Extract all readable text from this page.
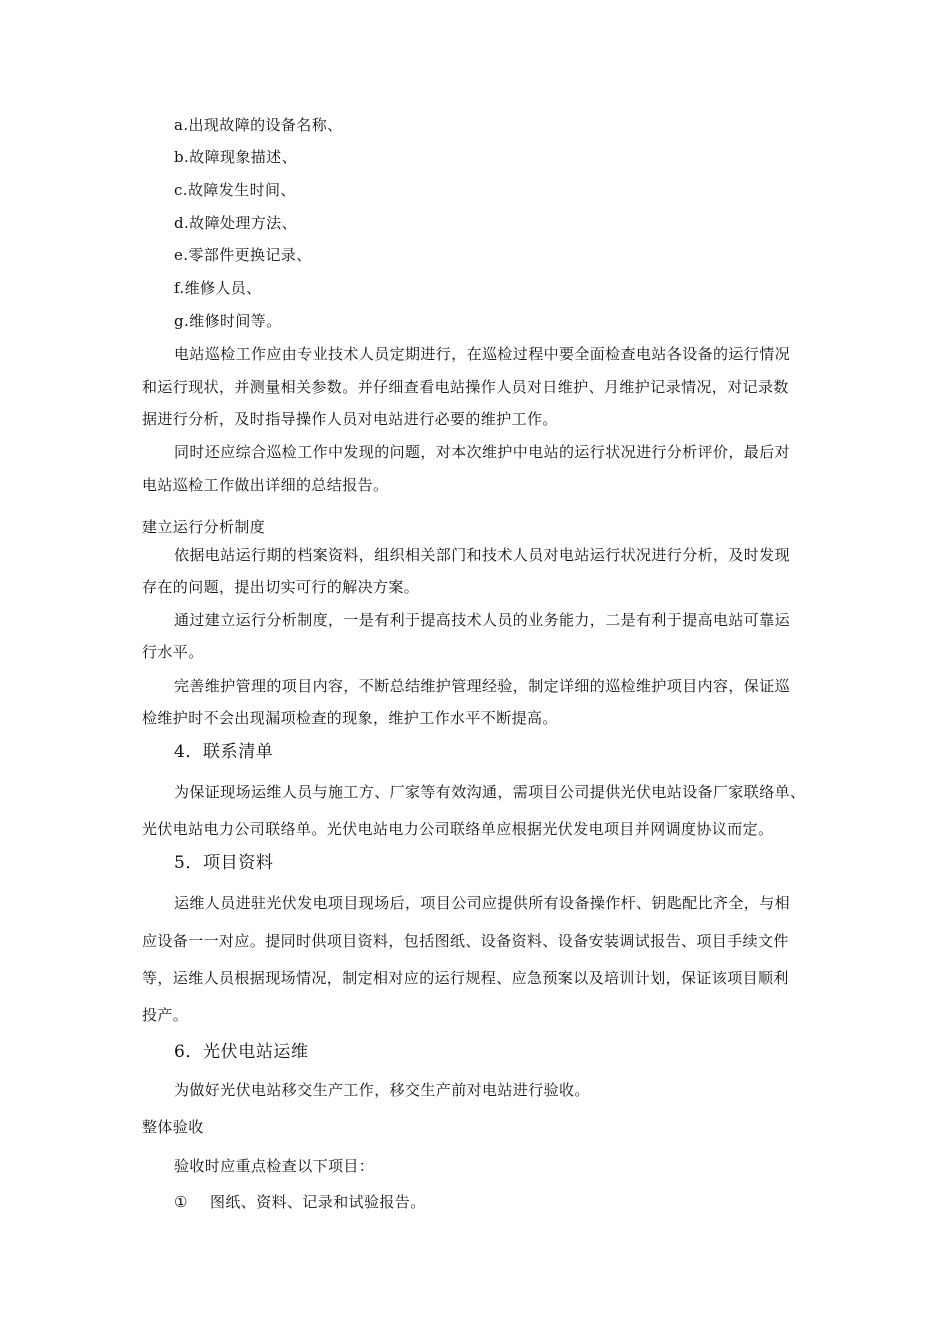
a.出现故障的设备名称、
b.故障现象描述、
c.故障发生时间、
d.故障处理方法、
e.零部件更换记录、
f.维修人员、
g.维修时间等。
电站巡检工作应由专业技术人员定期进行，在巡检过程中要全面检查电站各设备的运行情况
和运行现状，并测量相关参数。并仔细查看电站操作人员对日维护、月维护记录情况，对记录数
据进行分析，及时指导操作人员对电站进行必要的维护工作。
同时还应综合巡检工作中发现的问题，对本次维护中电站的运行状况进行分析评价，最后对
电站巡检工作做出详细的总结报告。
建立运行分析制度
依据电站运行期的档案资料，组织相关部门和技术人员对电站运行状况进行分析，及时发现
存在的问题，提出切实可行的解决方案。
通过建立运行分析制度，一是有利于提高技术人员的业务能力，二是有利于提高电站可靠运
行水平。
完善维护管理的项目内容，不断总结维护管理经验，制定详细的巡检维护项目内容，保证巡
检维护时不会出现漏项检查的现象，维护工作水平不断提高。
4．联系清单
为保证现场运维人员与施工方、厂家等有效沟通，需项目公司提供光伏电站设备厂家联络单、
光伏电站电力公司联络单。光伏电站电力公司联络单应根据光伏发电项目并网调度协议而定。
5．项目资料
运维人员进驻光伏发电项目现场后，项目公司应提供所有设备操作杆、钥匙配比齐全，与相
应设备一一对应。提同时供项目资料，包括图纸、设备资料、设备安装调试报告、项目手续文件
等，运维人员根据现场情况，制定相对应的运行规程、应急预案以及培训计划，保证该项目顺利
投产。
6．光伏电站运维
为做好光伏电站移交生产工作，移交生产前对电站进行验收。
整体验收
验收时应重点检查以下项目：
① 图纸、资料、记录和试验报告。
